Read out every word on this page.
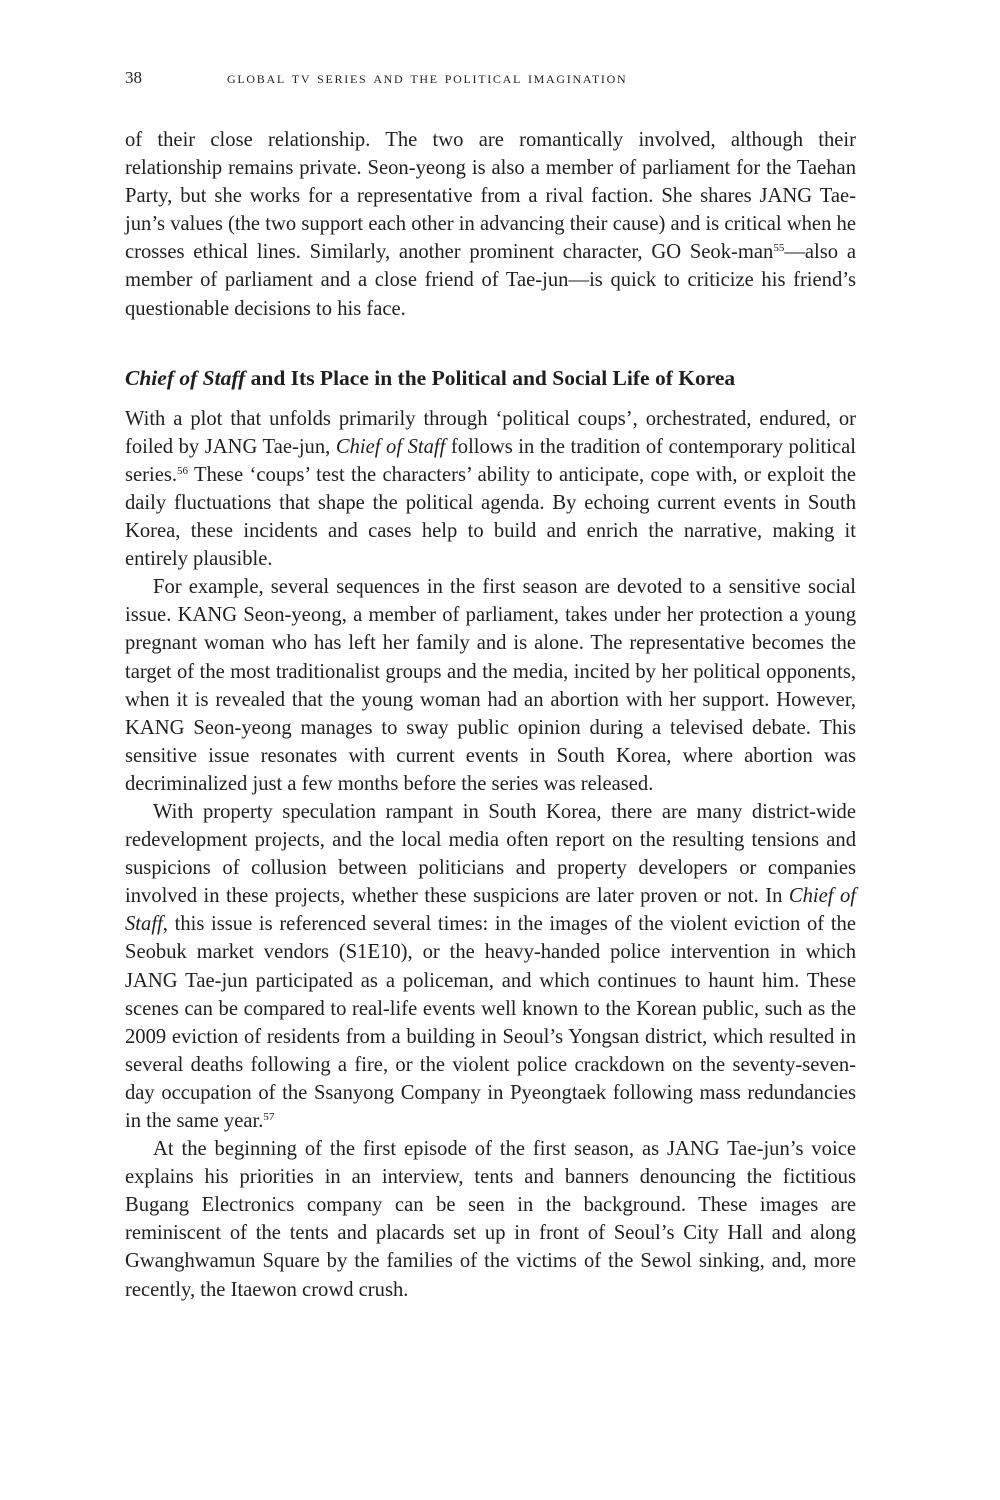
38	global tv series and the political imagination

of their close relationship. The two are romantically involved, although their relationship remains private. Seon-yeong is also a member of parliament for the Taehan Party, but she works for a representative from a rival faction. She shares JANG Tae-jun’s values (the two support each other in advancing their cause) and is critical when he crosses ethical lines. Similarly, another prominent character, GO Seok-man$^{55}$—also a member of parliament and a close friend of Tae-jun—is quick to criticize his friend’s questionable decisions to his face.

Chief of Staff and Its Place in the Political and Social Life of Korea

With a plot that unfolds primarily through ‘political coups’, orchestrated, endured, or foiled by JANG Tae-jun, Chief of Staff follows in the tradition of contemporary political series.$^{56}$ These ‘coups’ test the characters’ ability to anticipate, cope with, or exploit the daily fluctuations that shape the political agenda. By echoing current events in South Korea, these incidents and cases help to build and enrich the narrative, making it entirely plausible.

For example, several sequences in the first season are devoted to a sensitive social issue. KANG Seon-yeong, a member of parliament, takes under her protection a young pregnant woman who has left her family and is alone. The representative becomes the target of the most traditionalist groups and the media, incited by her political opponents, when it is revealed that the young woman had an abortion with her support. However, KANG Seon-yeong manages to sway public opinion during a televised debate. This sensitive issue resonates with current events in South Korea, where abortion was decriminalized just a few months before the series was released.

With property speculation rampant in South Korea, there are many district-wide redevelopment projects, and the local media often report on the resulting tensions and suspicions of collusion between politicians and property developers or companies involved in these projects, whether these suspicions are later proven or not. In Chief of Staff, this issue is referenced several times: in the images of the violent eviction of the Seobuk market vendors (S1E10), or the heavy-handed police intervention in which JANG Tae-jun participated as a policeman, and which continues to haunt him. These scenes can be compared to real-life events well known to the Korean public, such as the 2009 eviction of residents from a building in Seoul’s Yongsan district, which resulted in several deaths following a fire, or the violent police crackdown on the seventy-seven-day occupation of the Ssanyong Company in Pyeongtaek following mass redundancies in the same year.$^{57}$

At the beginning of the first episode of the first season, as JANG Tae-jun’s voice explains his priorities in an interview, tents and banners denouncing the fictitious Bugang Electronics company can be seen in the background. These images are reminiscent of the tents and placards set up in front of Seoul’s City Hall and along Gwanghwamun Square by the families of the victims of the Sewol sinking, and, more recently, the Itaewon crowd crush.
